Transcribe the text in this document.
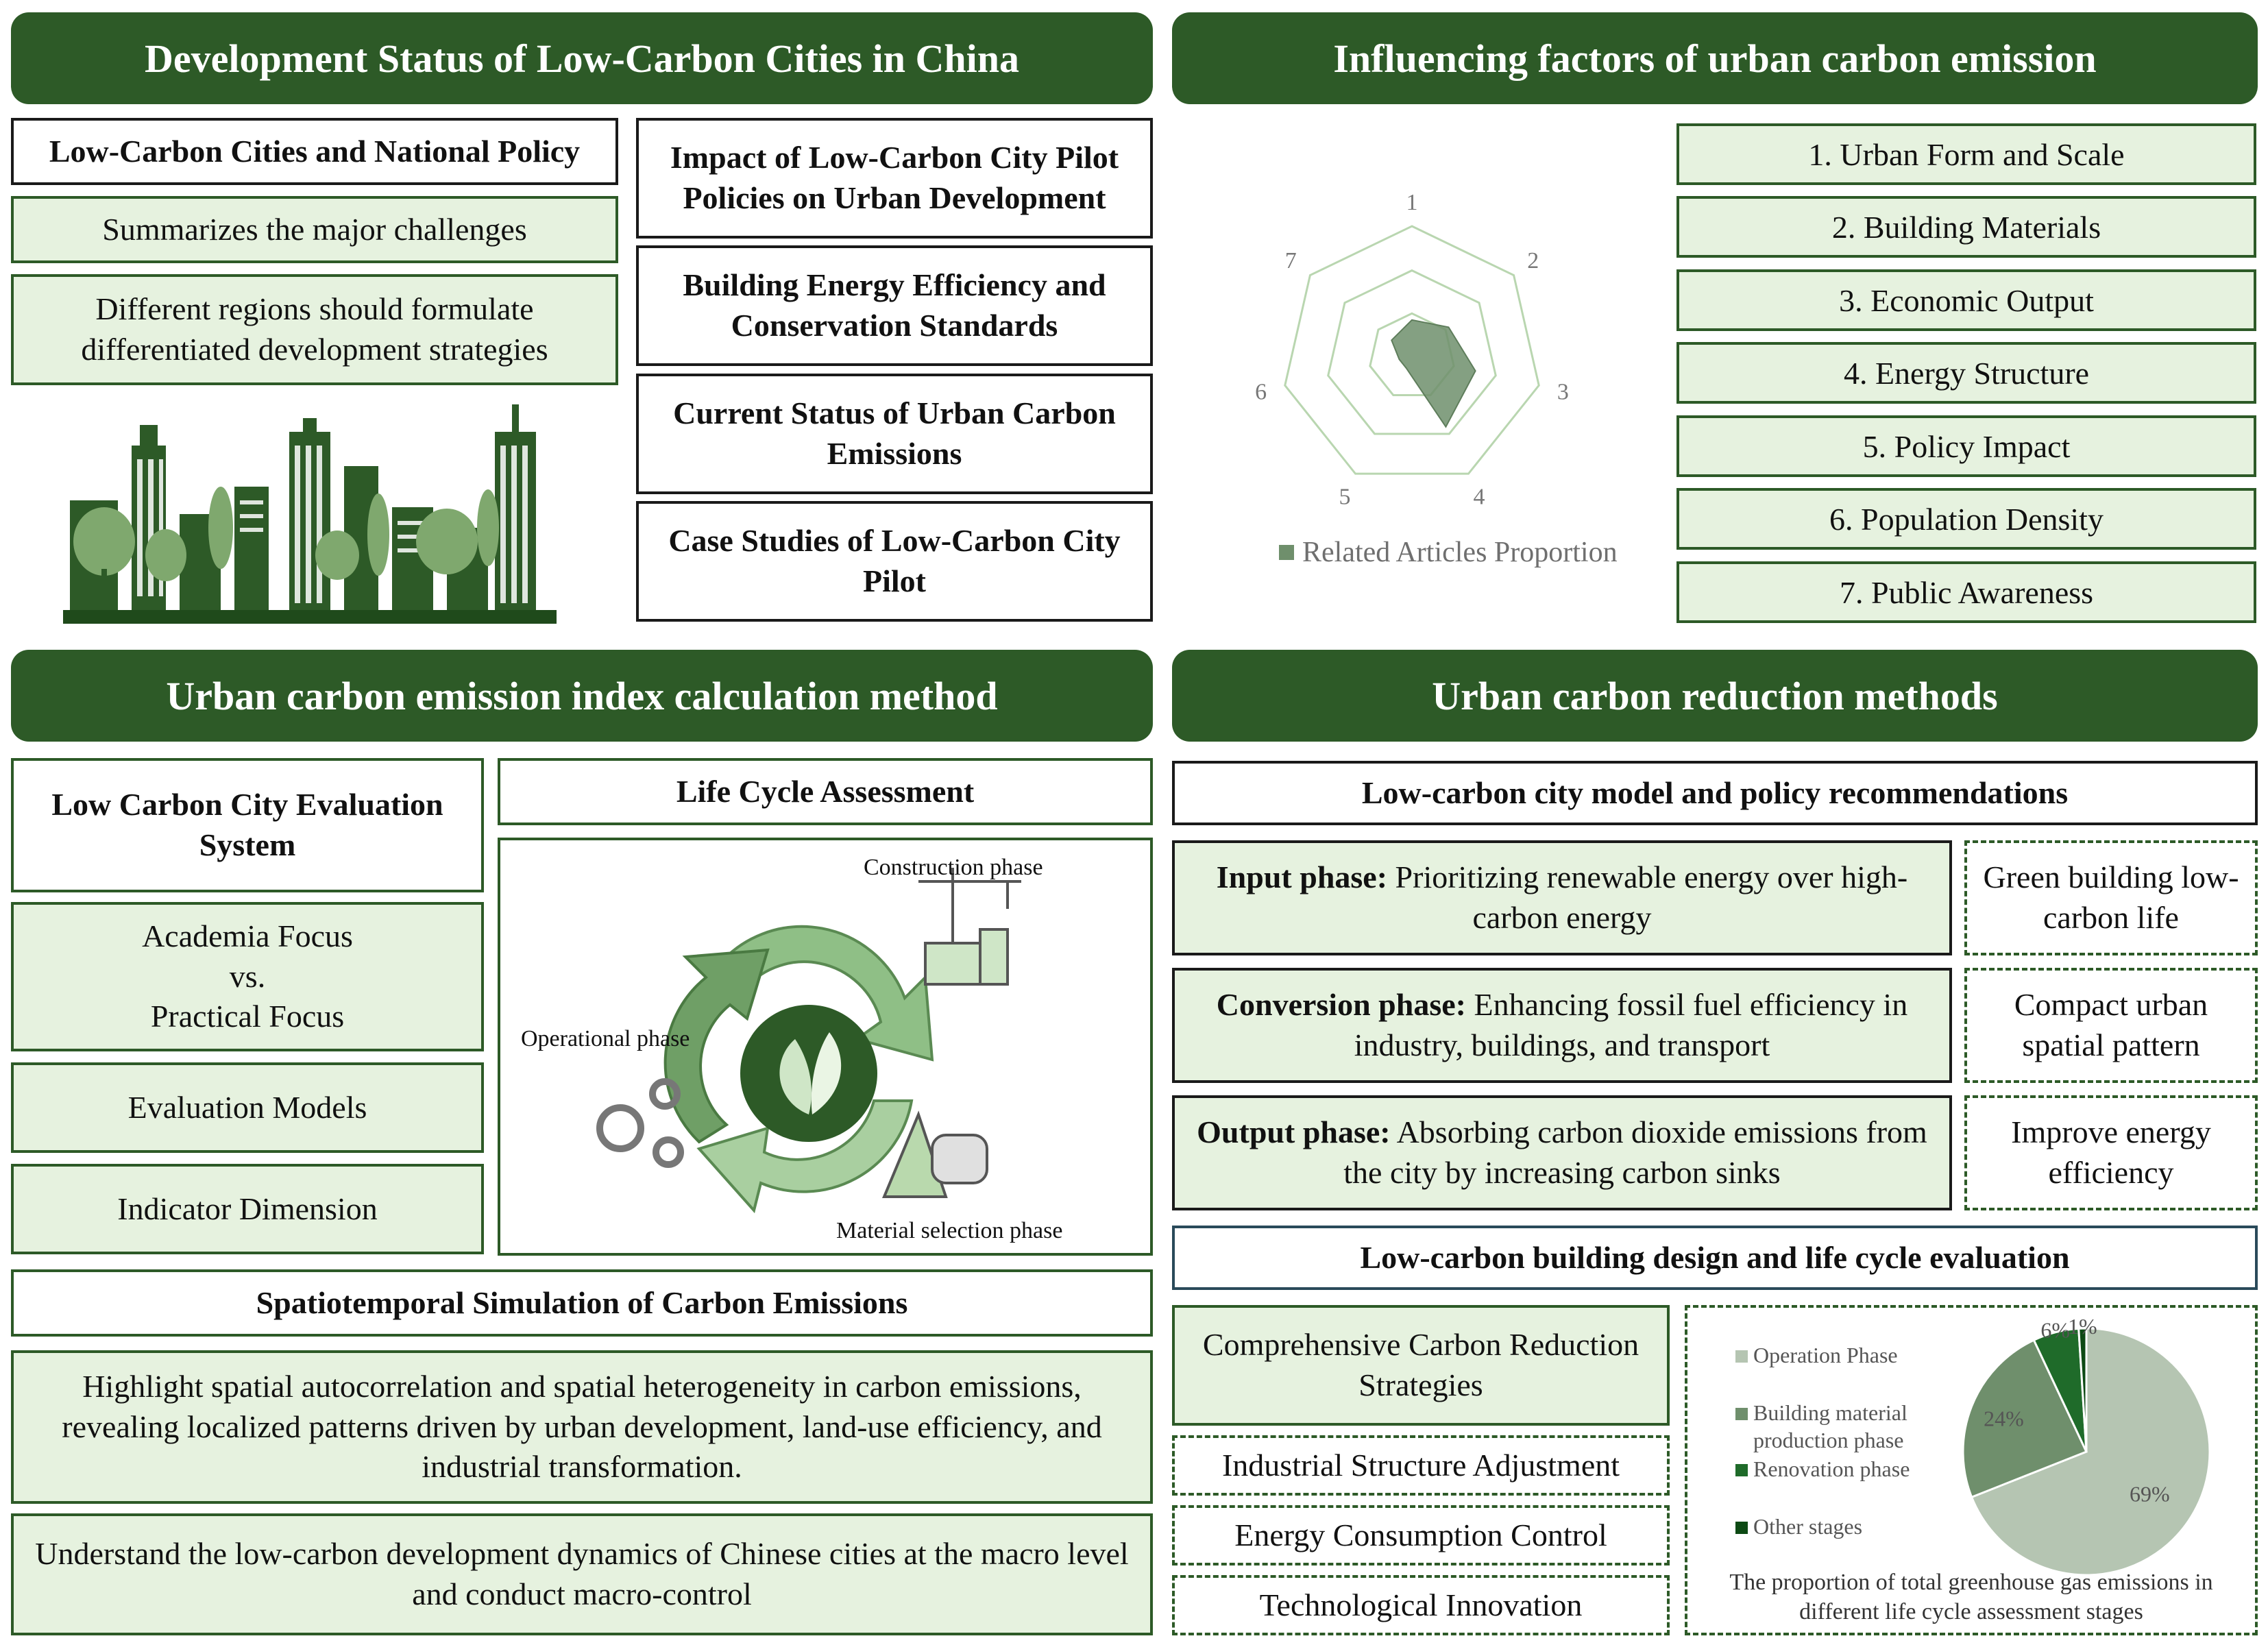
Development Status of Low-Carbon Cities in China
Low-Carbon Cities and National Policy
Summarizes the major challenges
Different regions should formulate differentiated development strategies
Impact of Low-Carbon City Pilot Policies on Urban Development
Building Energy Efficiency and Conservation Standards
Current Status of Urban Carbon Emissions
Case Studies of Low-Carbon City Pilot
Influencing factors of urban carbon emission
1
2
3
4
5
6
7
Related Articles Proportion
1. Urban Form and Scale
2. Building Materials
3. Economic Output
4. Energy Structure
5. Policy Impact
6. Population Density
7. Public Awareness
Urban carbon emission index calculation method
Low Carbon City Evaluation System
Academia Focus
vs.
Practical Focus
Evaluation Models
Indicator Dimension
Life Cycle Assessment
Construction phase
Operational phase
Material selection phase
Spatiotemporal Simulation of Carbon Emissions
Highlight spatial autocorrelation and spatial heterogeneity in carbon emissions, revealing localized patterns driven by urban development, land-use efficiency, and industrial transformation.
Understand the low-carbon development dynamics of Chinese cities at the macro level and conduct macro-control
Urban carbon reduction methods
Low-carbon city model and policy recommendations
Input phase: Prioritizing renewable energy over high-carbon energy
Green building low-carbon life
Conversion phase: Enhancing fossil fuel efficiency in industry, buildings, and transport
Compact urban spatial pattern
Output phase: Absorbing carbon dioxide emissions from the city by increasing carbon sinks
Improve energy efficiency
Low-carbon building design and life cycle evaluation
Comprehensive Carbon Reduction Strategies
Industrial Structure Adjustment
Energy Consumption Control
Technological Innovation
69%
24%
6%
1%
Operation Phase
Building material production phase
Renovation phase
Other stages
The proportion of total greenhouse gas emissions in different life cycle assessment stages
